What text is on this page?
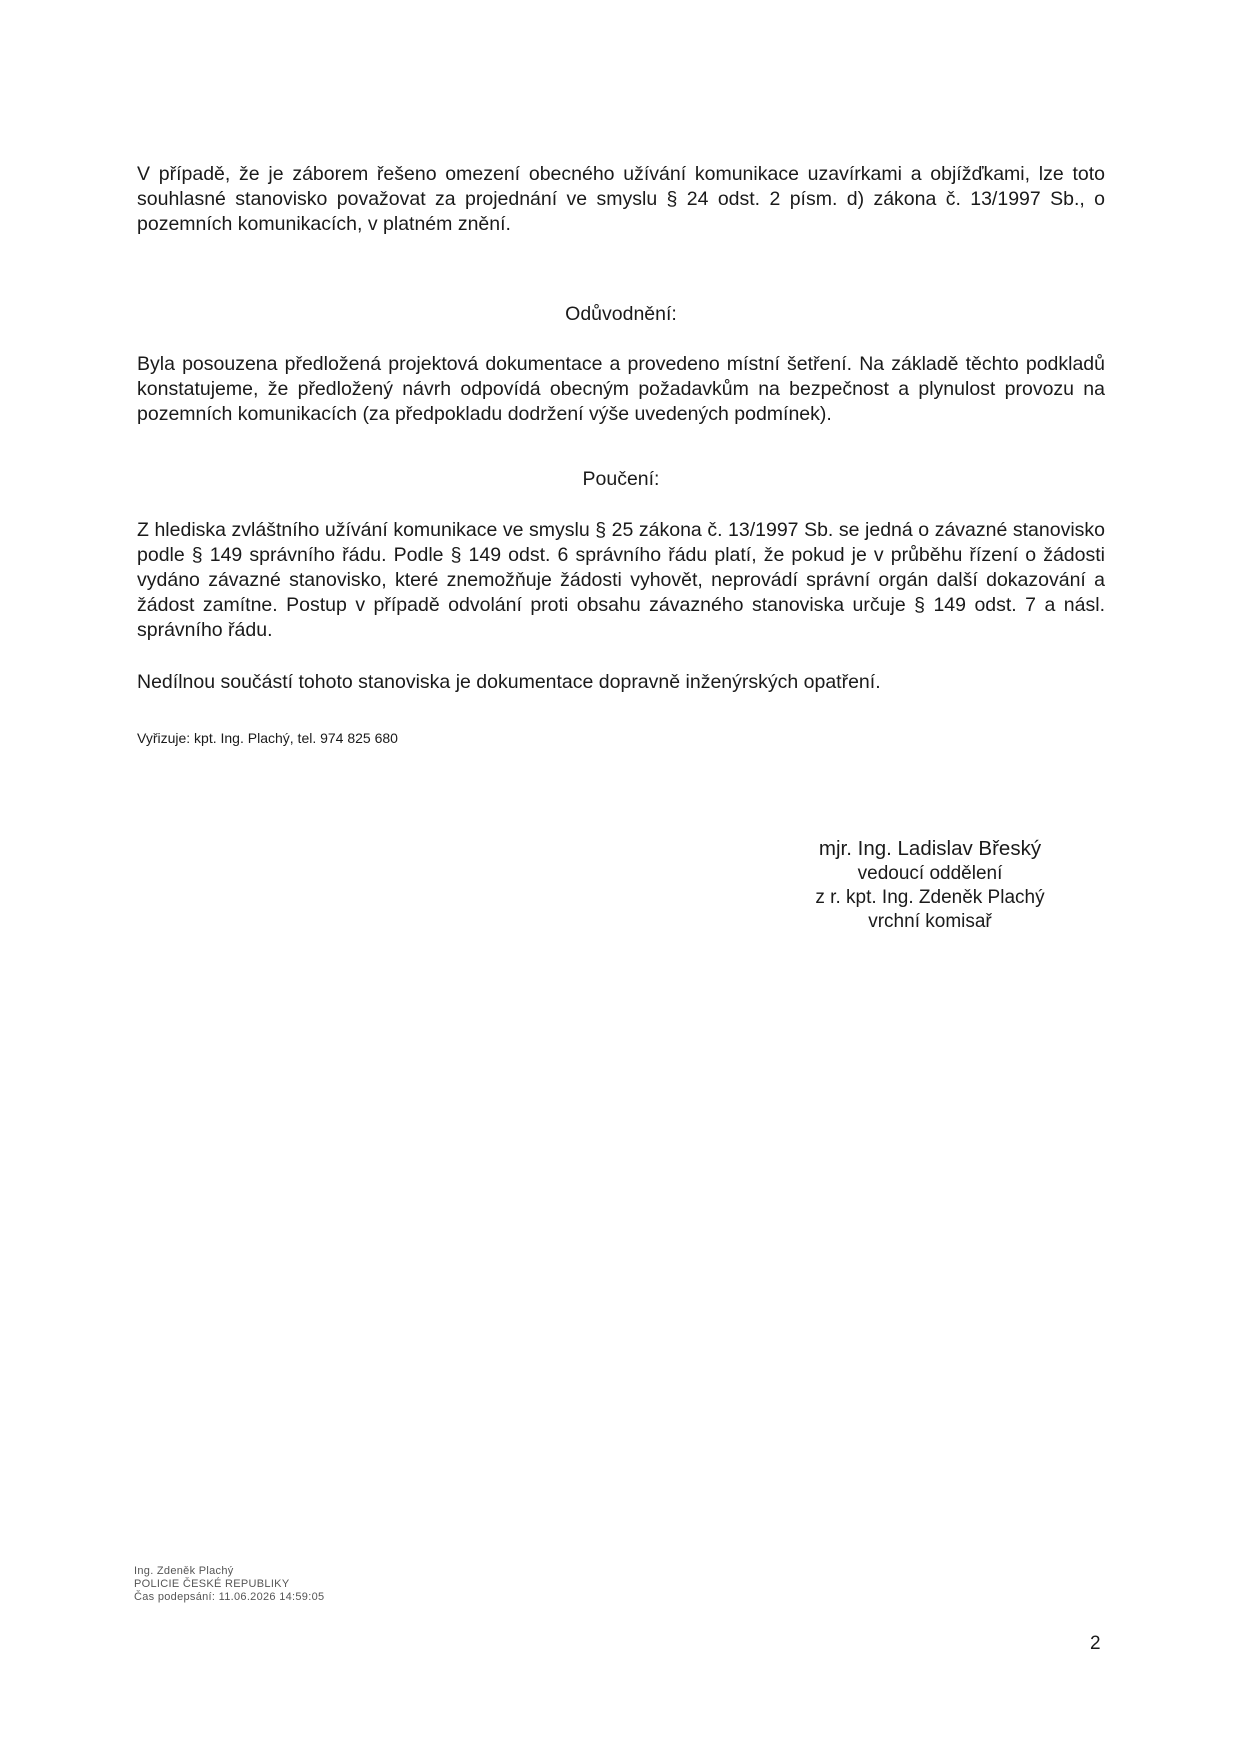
V případě, že je záborem řešeno omezení obecného užívání komunikace uzavírkami a objížďkami, lze toto souhlasné stanovisko považovat za projednání ve smyslu § 24 odst. 2 písm. d) zákona č. 13/1997 Sb., o pozemních komunikacích, v platném znění.

Odůvodnění:

Byla posouzena předložená projektová dokumentace a provedeno místní šetření. Na základě těchto podkladů konstatujeme, že předložený návrh odpovídá obecným požadavkům na bezpečnost a plynulost provozu na pozemních komunikacích (za předpokladu dodržení výše uvedených podmínek).

Poučení:

Z hlediska zvláštního užívání komunikace ve smyslu § 25 zákona č. 13/1997 Sb. se jedná o závazné stanovisko podle § 149 správního řádu. Podle § 149 odst. 6 správního řádu platí, že pokud je v průběhu řízení o žádosti vydáno závazné stanovisko, které znemožňuje žádosti vyhovět, neprovádí správní orgán další dokazování a žádost zamítne. Postup v případě odvolání proti obsahu závazného stanoviska určuje § 149 odst. 7 a násl. správního řádu.

Nedílnou součástí tohoto stanoviska je dokumentace dopravně inženýrských opatření.

Vyřizuje: kpt. Ing. Plachý, tel. 974 825 680
mjr. Ing. Ladislav Břeský
vedoucí oddělení
z r. kpt. Ing. Zdeněk Plachý
vrchní komisař
Ing. Zdeněk Plachý
POLICIE ČESKÉ REPUBLIKY
Čas podepsání: 11.06.2026 14:59:05
2
